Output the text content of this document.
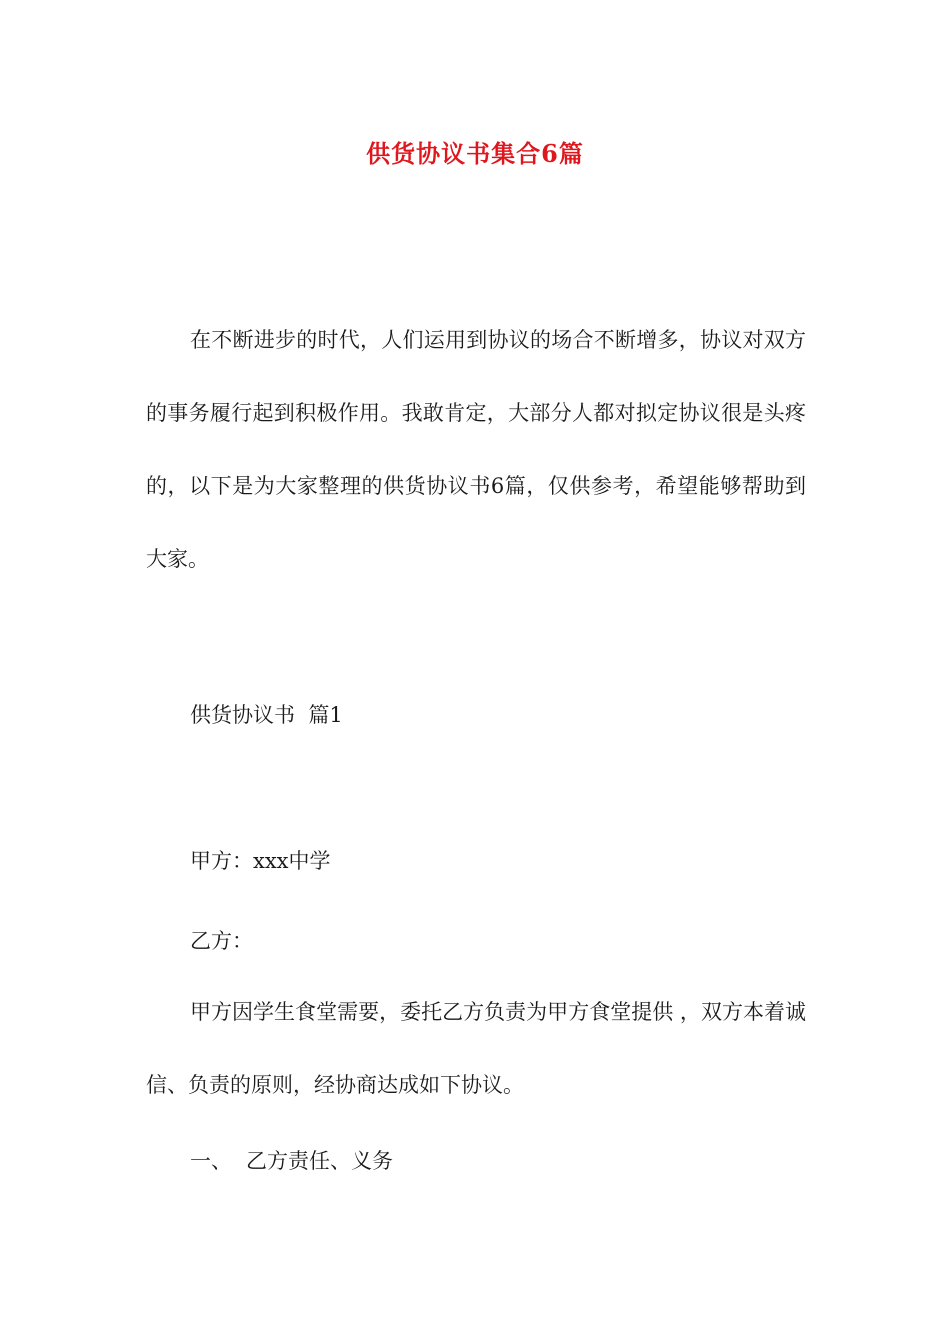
供货协议书集合6篇

在不断进步的时代，人们运用到协议的场合不断增多，协议对双方的事务履行起到积极作用。我敢肯定，大部分人都对拟定协议很是头疼的，以下是为大家整理的供货协议书6篇，仅供参考，希望能够帮助到大家。

供货协议书  篇1

甲方：xxx中学

乙方：

甲方因学生食堂需要，委托乙方负责为甲方食堂提供 ，双方本着诚信、负责的原则，经协商达成如下协议。

一、 乙方责任、义务
